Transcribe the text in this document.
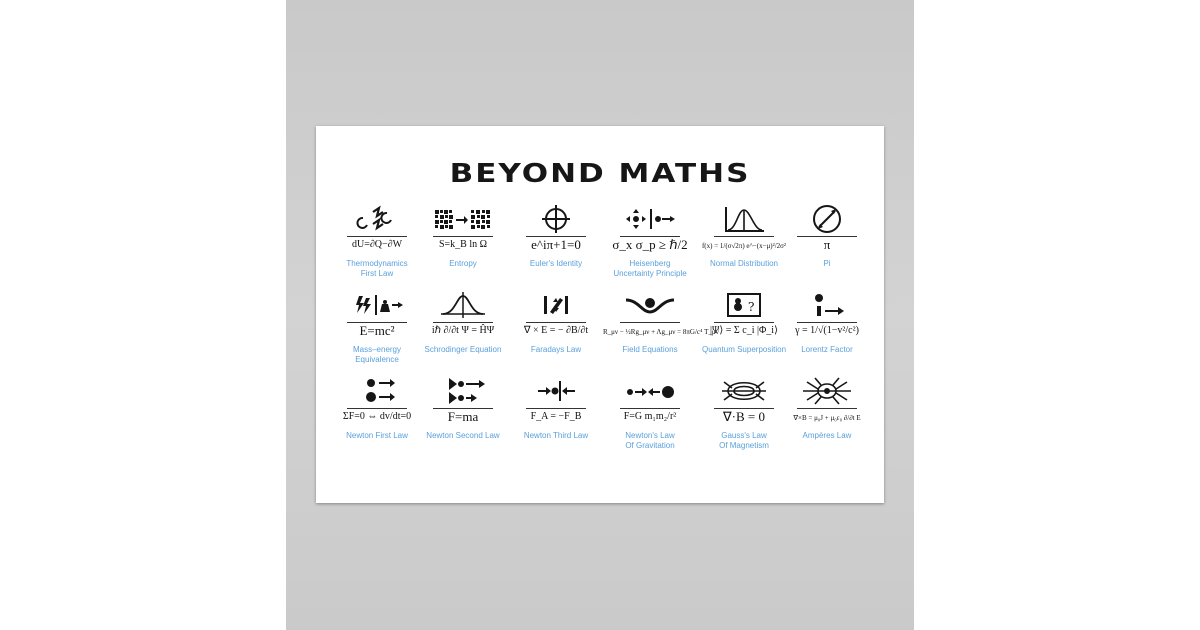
BEYOND MATHS
dU=∂Q−∂W
Thermodynamics
First Law
S=k_B ln Ω
Entropy
e^iπ+1=0
Euler's Identity
σ_x σ_p ≥ ℏ/2
Heisenberg
Uncertainty Principle
f(x) = 1/(σ√2π) e^−(x−μ)²/2σ²
Normal Distribution
π
Pi
E=mc²
Mass–energy
Equivalence
iℏ ∂/∂t Ψ = ĤΨ
Schrodinger Equation
∇ × E = − ∂B/∂t
Faradays Law
R_μν − ½Rg_μν + Λg_μν = 8πG/c⁴ T_μν
Field Equations
?
|Ψ⟩ = Σ c_i |Φ_i⟩
Quantum Superposition
γ = 1/√(1−v²/c²)
Lorentz Factor
ΣF=0 ⇔ dv/dt=0
Newton First Law
F=ma
Newton Second Law
F_A = −F_B
Newton Third Law
F=G m₁m₂/r²
Newton's Law
Of Gravitation
∇·B = 0
Gauss's Law
Of Magnetism
∇×B = μ₀J + μ₀ε₀ ∂/∂t E
Ampères Law
